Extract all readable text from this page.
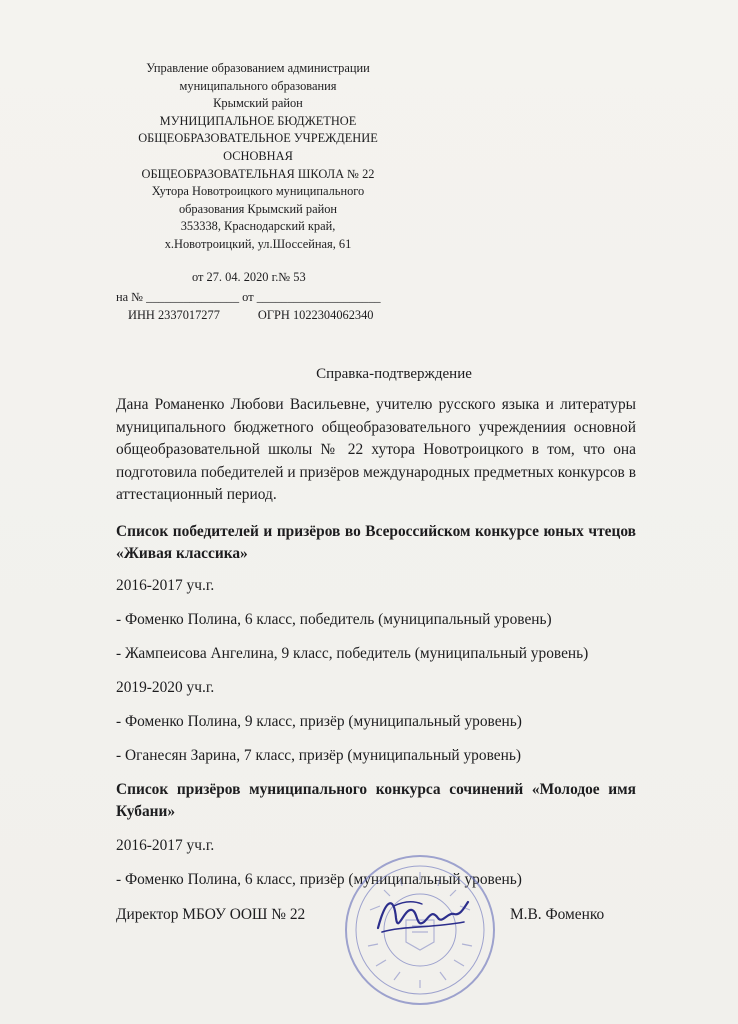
Управление образованием администрации
муниципального образования
Крымский район
МУНИЦИПАЛЬНОЕ БЮДЖЕТНОЕ
ОБЩЕОБРАЗОВАТЕЛЬНОЕ УЧРЕЖДЕНИЕ
ОСНОВНАЯ
ОБЩЕОБРАЗОВАТЕЛЬНАЯ ШКОЛА № 22
Хутора Новотроицкого муниципального
образования Крымский район
353338, Краснодарский край,
х.Новотроицкий, ул.Шоссейная, 61
от 27. 04. 2020 г.№ 53
на № _______________ от ____________________
ИНН 2337017277	ОГРН 1022304062340
Справка-подтверждение

Дана Романенко Любови Васильевне, учителю русского языка и литературы муниципального бюджетного общеобразовательного учреждениия основной общеобразовательной школы № 22 хутора Новотроицкого в том, что она подготовила победителей и призёров международных предметных конкурсов в аттестационный период.

Список победителей и призёров во Всероссийском конкурсе юных чтецов «Живая классика»

2016-2017 уч.г.

- Фоменко Полина, 6 класс, победитель (муниципальный уровень)

- Жампеисова Ангелина, 9 класс, победитель (муниципальный уровень)

2019-2020 уч.г.

- Фоменко Полина, 9 класс, призёр (муниципальный уровень)

- Оганесян Зарина, 7 класс, призёр (муниципальный уровень)

Список призёров муниципального конкурса сочинений «Молодое имя Кубани»

2016-2017 уч.г.

- Фоменко Полина, 6 класс, призёр (муниципальный уровень)

Директор МБОУ ООШ № 22	М.В. Фоменко
